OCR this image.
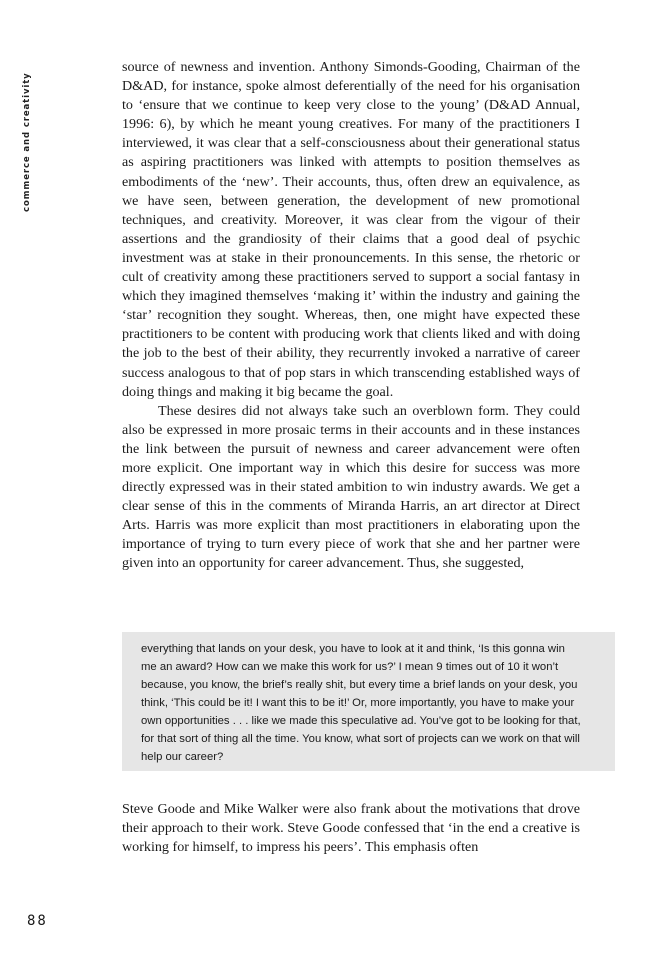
commerce and creativity

source of newness and invention. Anthony Simonds-Gooding, Chairman of the D&AD, for instance, spoke almost deferentially of the need for his organisation to ‘ensure that we continue to keep very close to the young’ (D&AD Annual, 1996: 6), by which he meant young creatives. For many of the practitioners I interviewed, it was clear that a self-consciousness about their generational status as aspiring practitioners was linked with attempts to position themselves as embodiments of the ‘new’. Their accounts, thus, often drew an equivalence, as we have seen, between generation, the development of new promotional techniques, and creativity. Moreover, it was clear from the vigour of their assertions and the grandiosity of their claims that a good deal of psychic investment was at stake in their pronouncements. In this sense, the rhetoric or cult of creativity among these practitioners served to support a social fantasy in which they imagined themselves ‘making it’ within the industry and gaining the ‘star’ recognition they sought. Whereas, then, one might have expected these practitioners to be content with producing work that clients liked and with doing the job to the best of their ability, they recurrently invoked a narrative of career success analogous to that of pop stars in which transcending established ways of doing things and making it big became the goal.

These desires did not always take such an overblown form. They could also be expressed in more prosaic terms in their accounts and in these instances the link between the pursuit of newness and career advancement were often more explicit. One important way in which this desire for success was more directly expressed was in their stated ambition to win industry awards. We get a clear sense of this in the comments of Miranda Harris, an art director at Direct Arts. Harris was more explicit than most practitioners in elaborating upon the importance of trying to turn every piece of work that she and her partner were given into an opportunity for career advancement. Thus, she suggested,

everything that lands on your desk, you have to look at it and think, ‘Is this gonna win me an award? How can we make this work for us?’ I mean 9 times out of 10 it won’t because, you know, the brief’s really shit, but every time a brief lands on your desk, you think, ‘This could be it! I want this to be it!’ Or, more importantly, you have to make your own opportunities . . . like we made this speculative ad. You’ve got to be looking for that, for that sort of thing all the time. You know, what sort of projects can we work on that will help our career?

Steve Goode and Mike Walker were also frank about the motivations that drove their approach to their work. Steve Goode confessed that ‘in the end a creative is working for himself, to impress his peers’. This emphasis often

88
